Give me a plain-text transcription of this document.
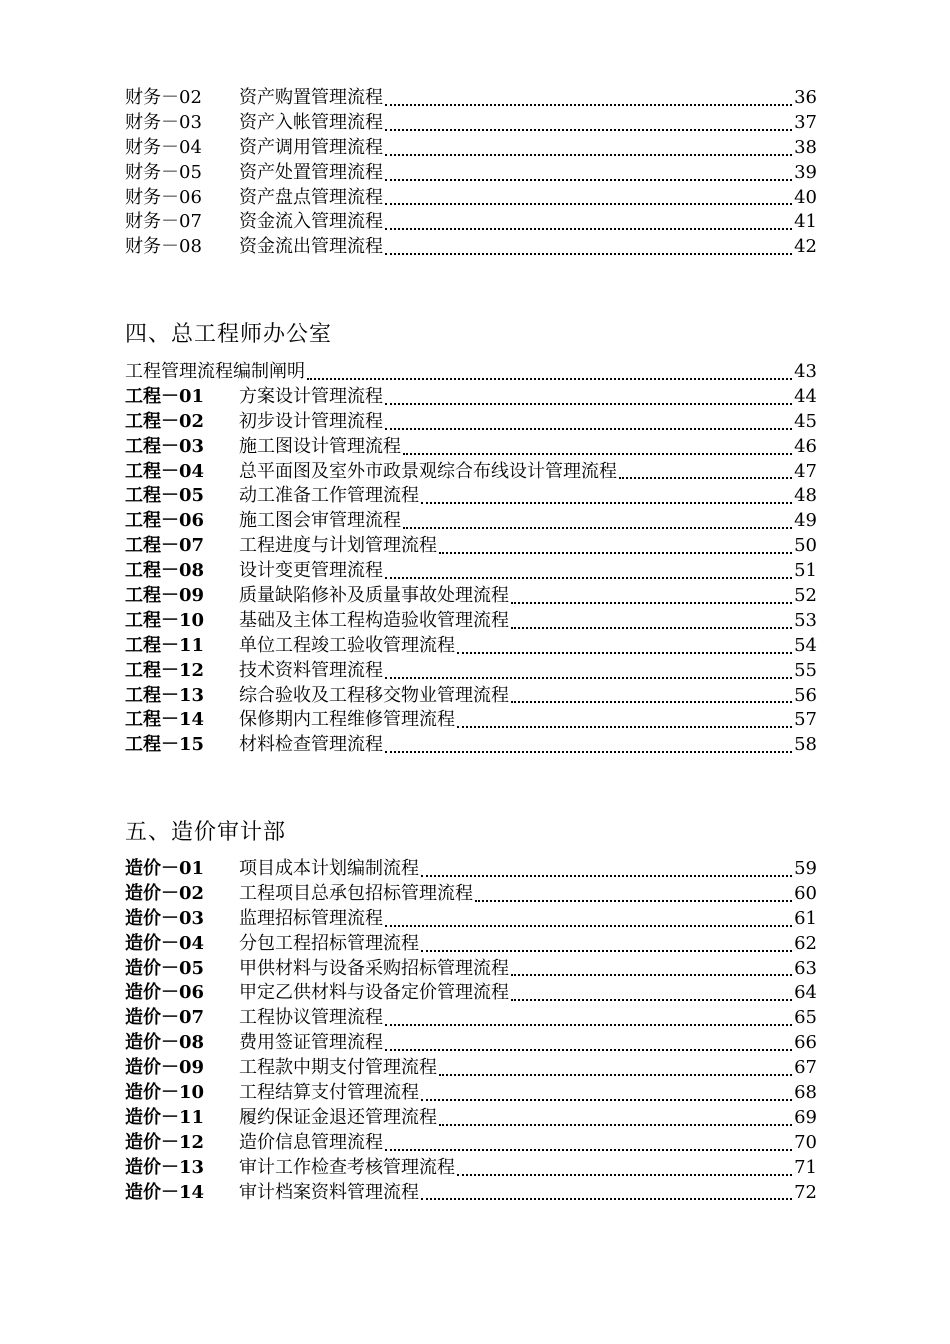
财务－02	资产购置管理流程	36
财务－03	资产入帐管理流程	37
财务－04	资产调用管理流程	38
财务－05	资产处置管理流程	39
财务－06	资产盘点管理流程	40
财务－07	资金流入管理流程	41
财务－08	资金流出管理流程	42
四、总工程师办公室
工程管理流程编制阐明	43
工程－01	方案设计管理流程	44
工程－02	初步设计管理流程	45
工程－03	施工图设计管理流程	46
工程－04	总平面图及室外市政景观综合布线设计管理流程	47
工程－05	动工准备工作管理流程	48
工程－06	施工图会审管理流程	49
工程－07	工程进度与计划管理流程	50
工程－08	设计变更管理流程	51
工程－09	质量缺陷修补及质量事故处理流程	52
工程－10	基础及主体工程构造验收管理流程	53
工程－11	单位工程竣工验收管理流程	54
工程－12	技术资料管理流程	55
工程－13	综合验收及工程移交物业管理流程	56
工程－14	保修期内工程维修管理流程	57
工程－15	材料检查管理流程	58
五、造价审计部
造价－01	项目成本计划编制流程	59
造价－02	工程项目总承包招标管理流程	60
造价－03	监理招标管理流程	61
造价－04	分包工程招标管理流程	62
造价－05	甲供材料与设备采购招标管理流程	63
造价－06	甲定乙供材料与设备定价管理流程	64
造价－07	工程协议管理流程	65
造价－08	费用签证管理流程	66
造价－09	工程款中期支付管理流程	67
造价－10	工程结算支付管理流程	68
造价－11	履约保证金退还管理流程	69
造价－12	造价信息管理流程	70
造价－13	审计工作检查考核管理流程	71
造价－14	审计档案资料管理流程	72
